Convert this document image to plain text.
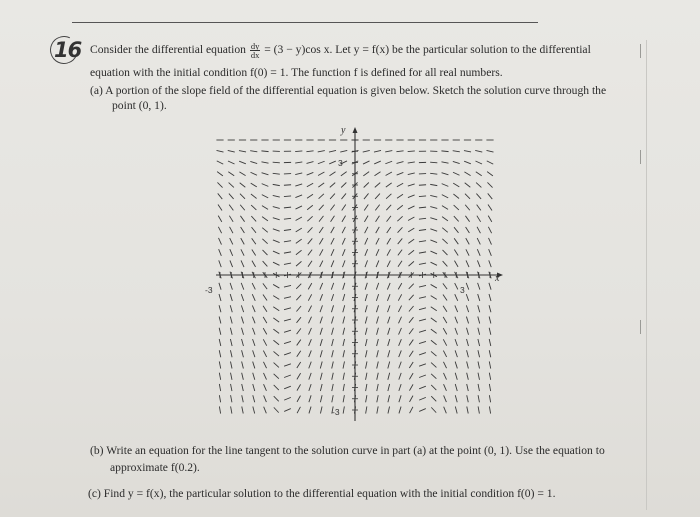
16 Consider the differential equation $\frac{dy}{dx} = (3 - y)\cos$ x. Let y = f(x) be the particular solution to the differential
equation with the initial condition f(0) = 1. The function f is defined for all real numbers.
(a) A portion of the slope field of the differential equation is given below. Sketch the solution curve through the
point (0, 1).
y
x
-3	3
3
-3
(b) Write an equation for the line tangent to the solution curve in part (a) at the point (0, 1). Use the equation to
approximate f(0.2).
(c) Find y = f(x), the particular solution to the differential equation with the initial condition f(0) = 1.
